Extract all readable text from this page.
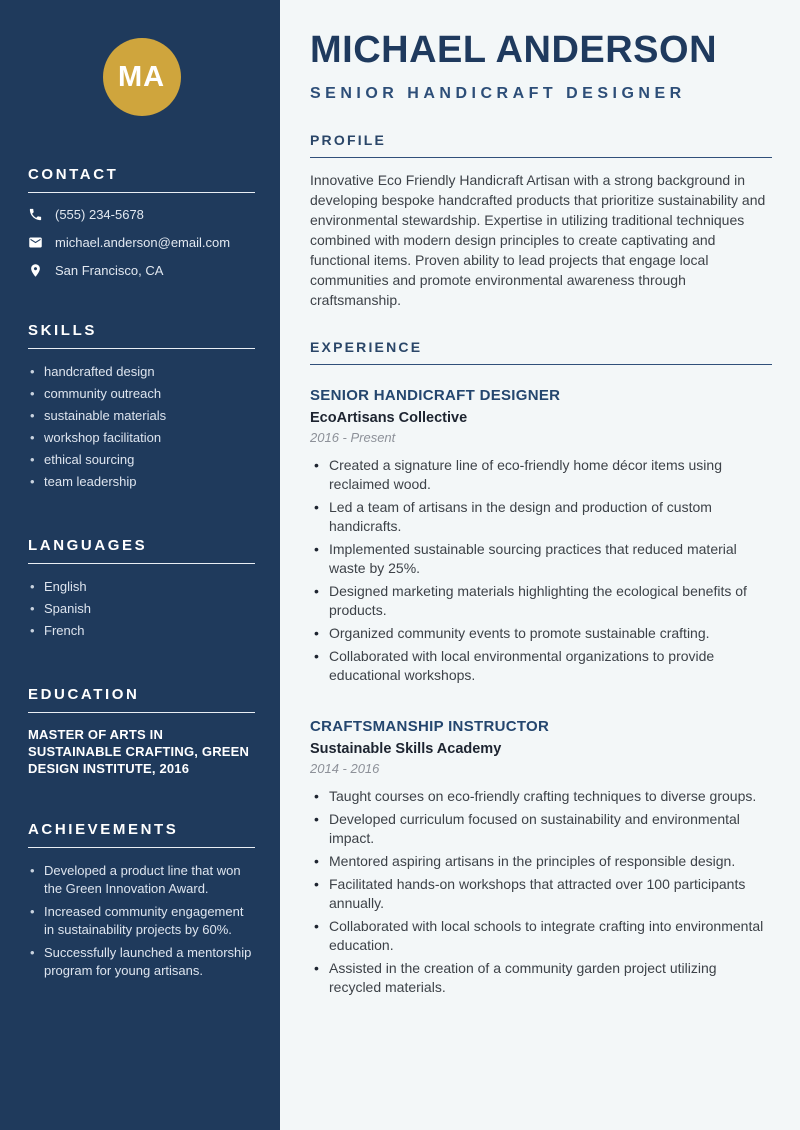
MA
CONTACT
(555) 234-5678
michael.anderson@email.com
San Francisco, CA
SKILLS
• handcrafted design
• community outreach
• sustainable materials
• workshop facilitation
• ethical sourcing
• team leadership
LANGUAGES
• English
• Spanish
• French
EDUCATION

MASTER OF ARTS IN SUSTAINABLE CRAFTING, GREEN DESIGN INSTITUTE, 2016

ACHIEVEMENTS
• Developed a product line that won the Green Innovation Award.
• Increased community engagement in sustainability projects by 60%.
• Successfully launched a mentorship program for young artisans.
MICHAEL ANDERSON
SENIOR HANDICRAFT DESIGNER
PROFILE

Innovative Eco Friendly Handicraft Artisan with a strong background in developing bespoke handcrafted products that prioritize sustainability and environmental stewardship. Expertise in utilizing traditional techniques combined with modern design principles to create captivating and functional items. Proven ability to lead projects that engage local communities and promote environmental awareness through craftsmanship.

EXPERIENCE
SENIOR HANDICRAFT DESIGNER
EcoArtisans Collective
2016 - Present
• Created a signature line of eco-friendly home décor items using reclaimed wood.
• Led a team of artisans in the design and production of custom handicrafts.
• Implemented sustainable sourcing practices that reduced material waste by 25%.
• Designed marketing materials highlighting the ecological benefits of products.
• Organized community events to promote sustainable crafting.
• Collaborated with local environmental organizations to provide educational workshops.
CRAFTSMANSHIP INSTRUCTOR
Sustainable Skills Academy
2014 - 2016
• Taught courses on eco-friendly crafting techniques to diverse groups.
• Developed curriculum focused on sustainability and environmental impact.
• Mentored aspiring artisans in the principles of responsible design.
• Facilitated hands-on workshops that attracted over 100 participants annually.
• Collaborated with local schools to integrate crafting into environmental education.
• Assisted in the creation of a community garden project utilizing recycled materials.
